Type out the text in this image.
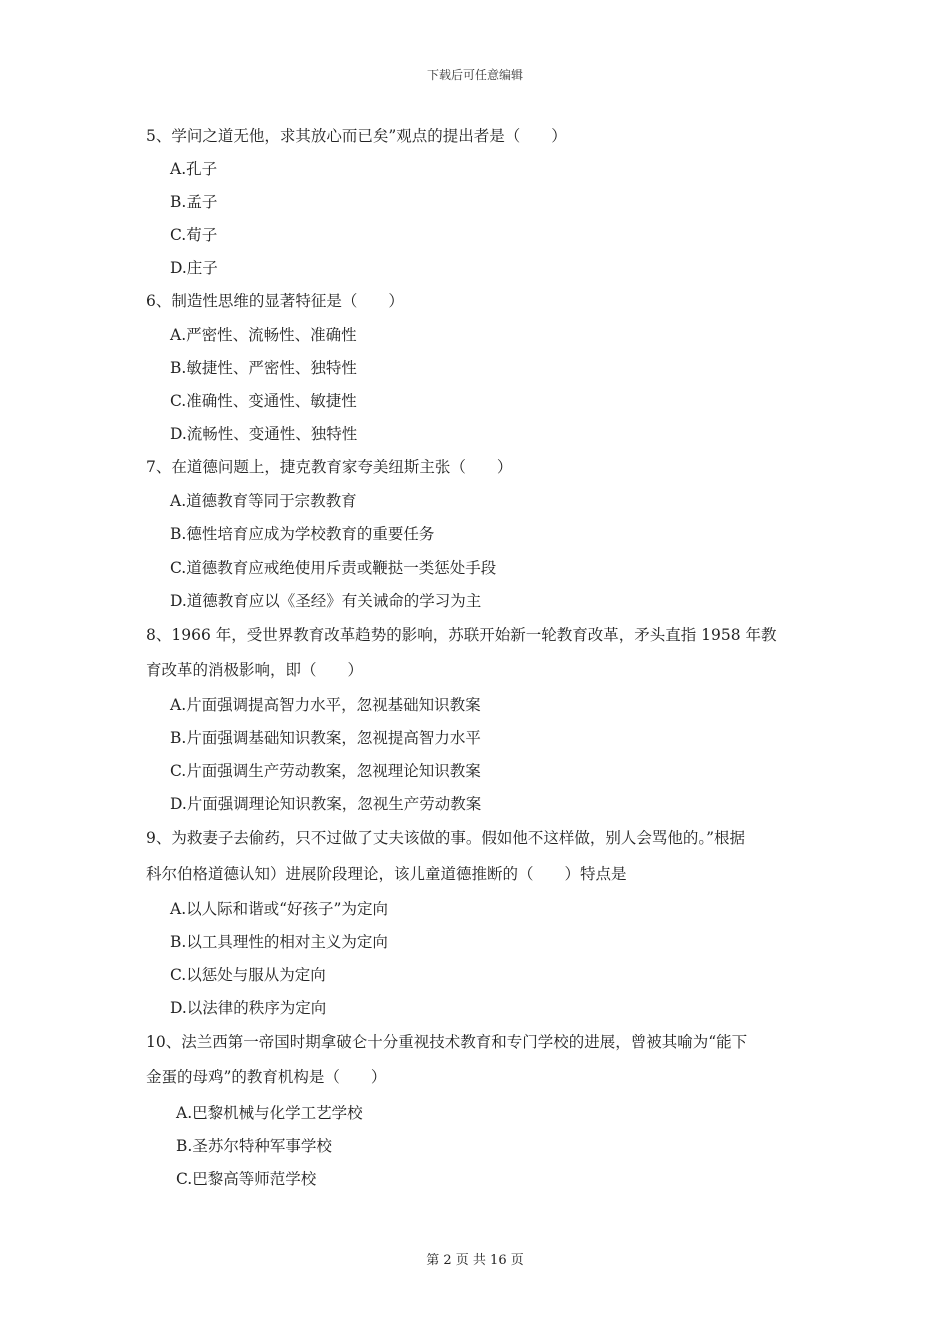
下载后可任意编辑
5、学问之道无他，求其放心而已矣”观点的提出者是（　　）
A.孔子
B.孟子
C.荀子
D.庄子
6、制造性思维的显著特征是（　　）
A.严密性、流畅性、准确性
B.敏捷性、严密性、独特性
C.准确性、变通性、敏捷性
D.流畅性、变通性、独特性
7、在道德问题上，捷克教育家夸美纽斯主张（　　）
A.道德教育等同于宗教教育
B.德性培育应成为学校教育的重要任务
C.道德教育应戒绝使用斥责或鞭挞一类惩处手段
D.道德教育应以《圣经》有关诫命的学习为主
8、1966 年，受世界教育改革趋势的影响，苏联开始新一轮教育改革，矛头直指 1958 年教
育改革的消极影响，即（　　）
A.片面强调提高智力水平，忽视基础知识教案
B.片面强调基础知识教案，忽视提高智力水平
C.片面强调生产劳动教案，忽视理论知识教案
D.片面强调理论知识教案，忽视生产劳动教案
9、为救妻子去偷药，只不过做了丈夫该做的事。假如他不这样做，别人会骂他的。”根据
科尔伯格道德认知）进展阶段理论，该儿童道德推断的（　　）特点是
A.以人际和谐或“好孩子”为定向
B.以工具理性的相对主义为定向
C.以惩处与服从为定向
D.以法律的秩序为定向
10、法兰西第一帝国时期拿破仑十分重视技术教育和专门学校的进展，曾被其喻为“能下
金蛋的母鸡”的教育机构是（　　）
A.巴黎机械与化学工艺学校
B.圣苏尔特种军事学校
C.巴黎高等师范学校
第 2 页 共 16 页
